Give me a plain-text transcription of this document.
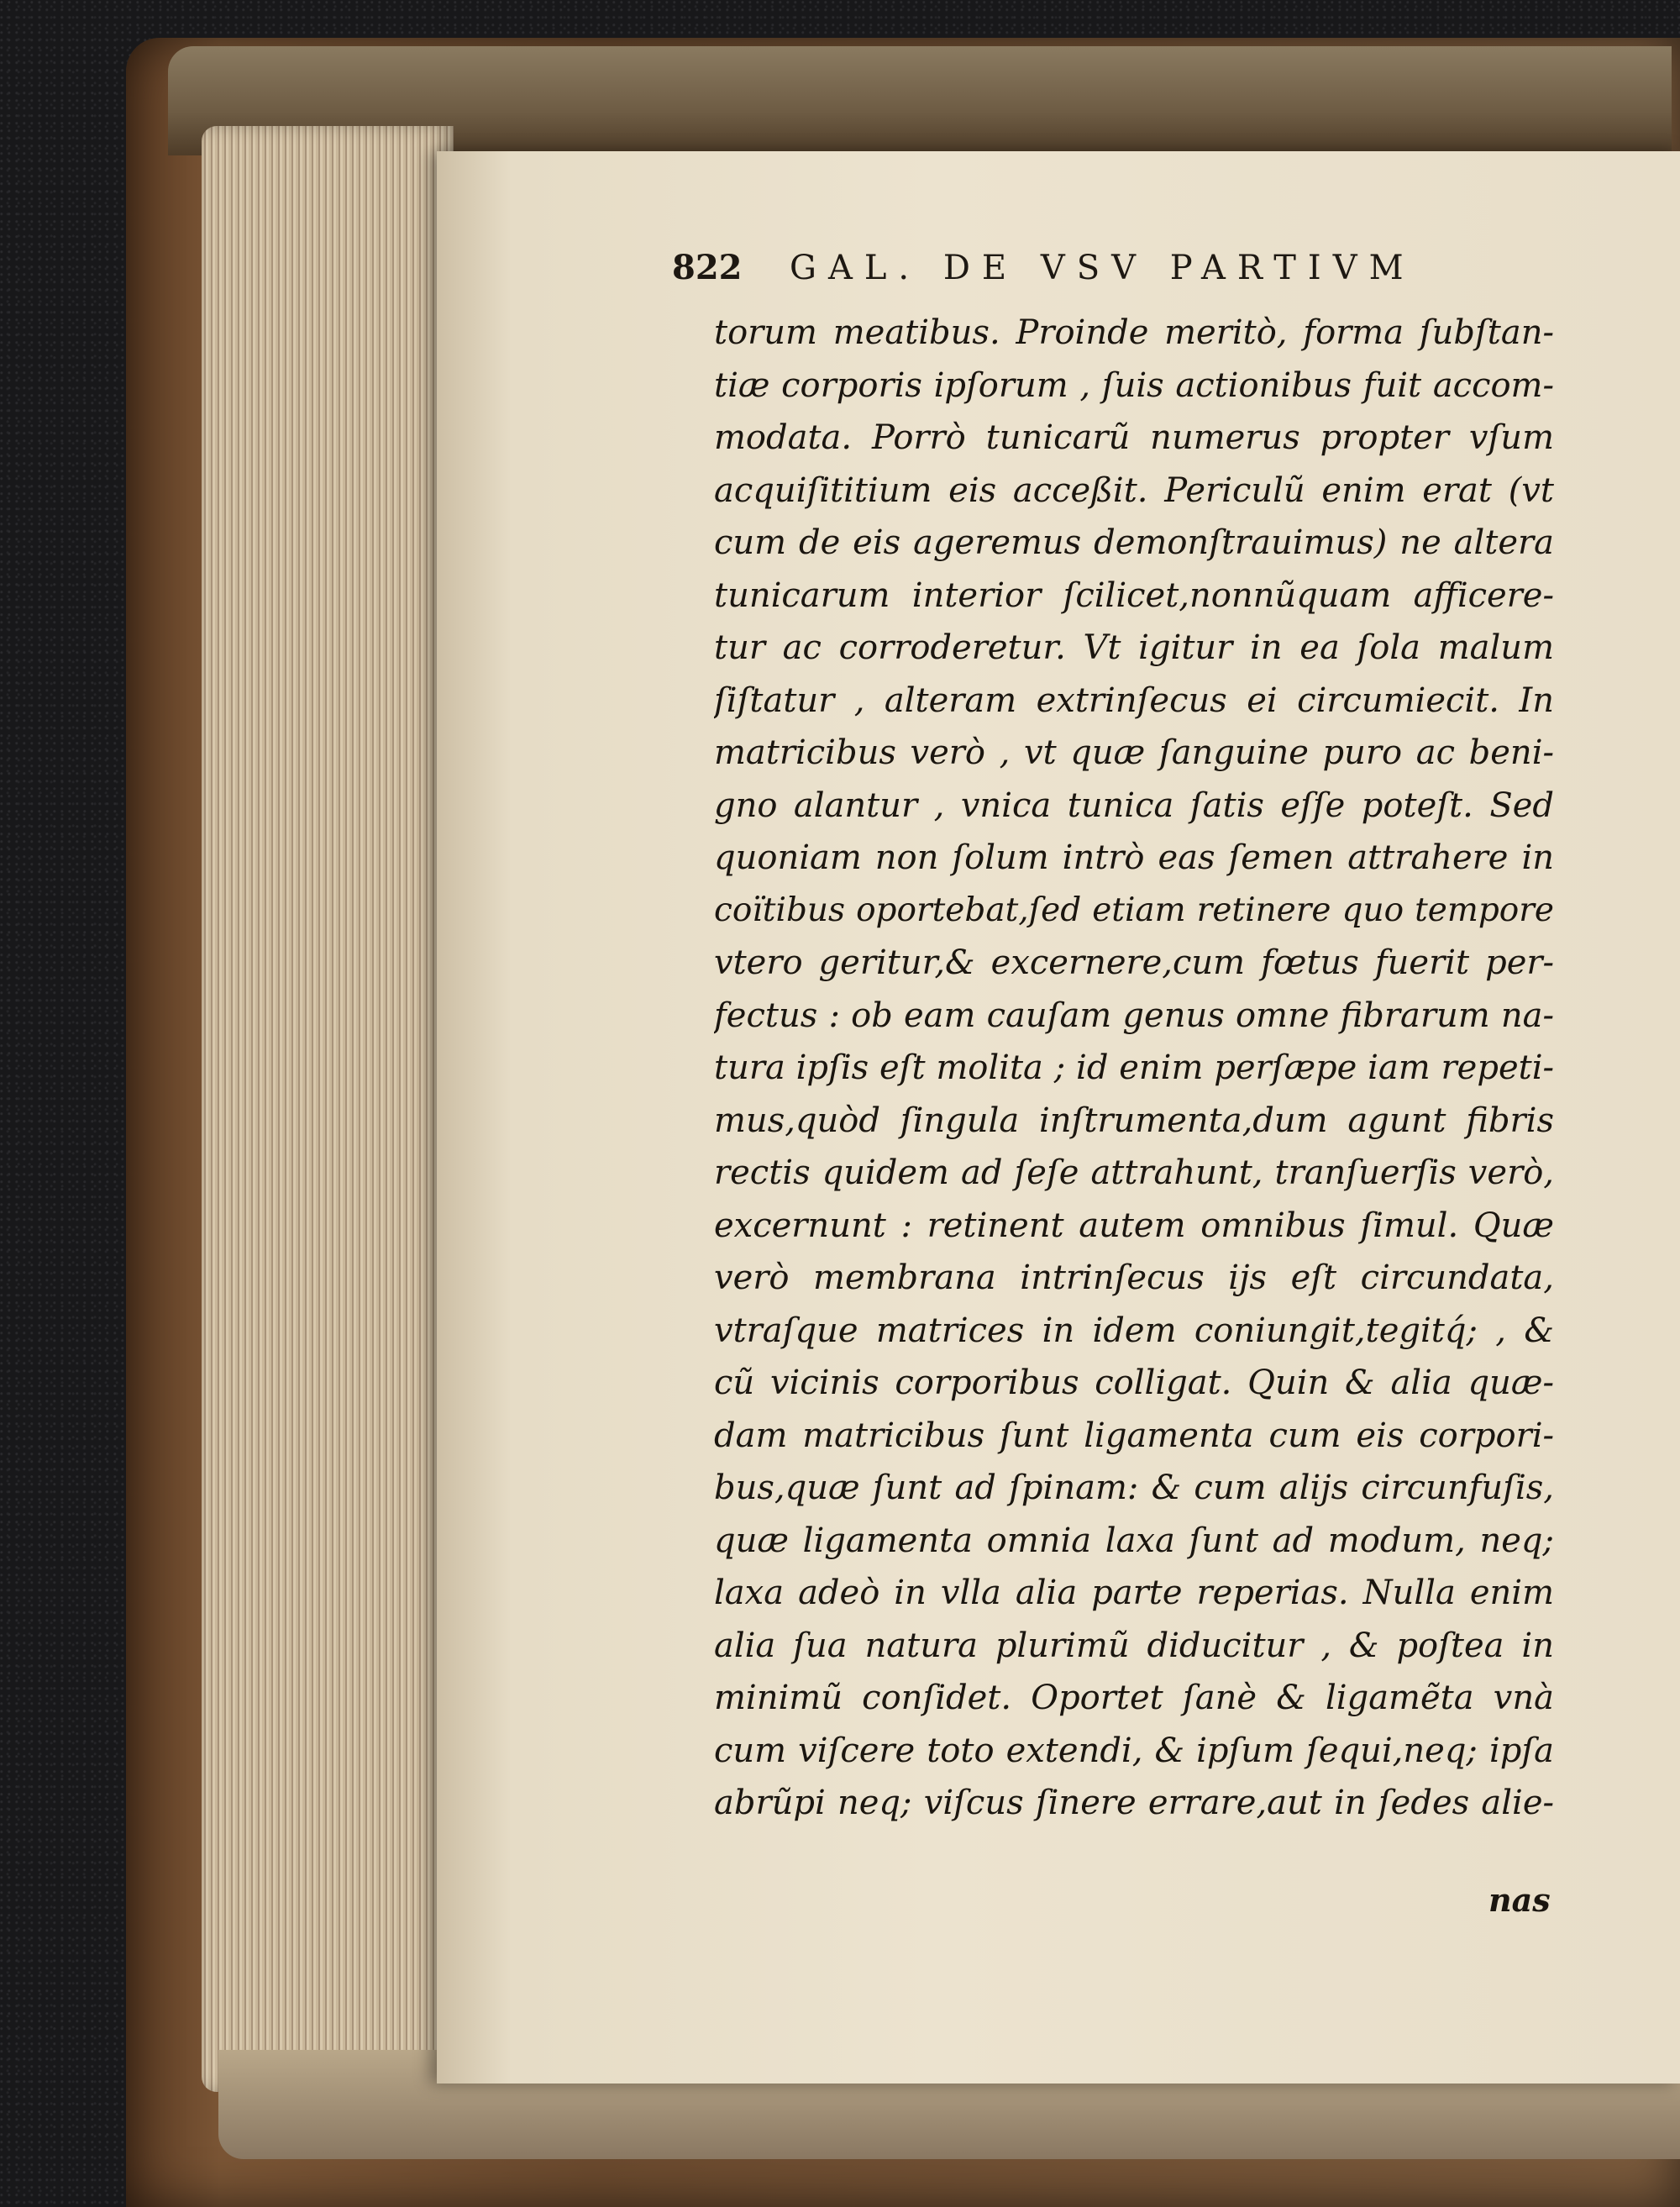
822	GAL. DE VSV PARTIVM
torum meatibus. Proinde meritò, forma ſubſtan-
tiæ corporis ipſorum , ſuis actionibus fuit accom-
modata. Porrò tunicarũ numerus propter vſum
acquiſititium eis acceßit. Periculũ enim erat (vt
cum de eis ageremus demonſtrauimus) ne altera
tunicarum interior ſcilicet,nonnũquam afficere-
tur ac corroderetur. Vt igitur in ea ſola malum
ſiſtatur , alteram extrinſecus ei circumiecit. In
matricibus verò , vt quæ ſanguine puro ac beni-
gno alantur , vnica tunica ſatis eſſe poteſt. Sed
quoniam non ſolum intrò eas ſemen attrahere in
coïtibus oportebat,ſed etiam retinere quo tempore
vtero geritur,& excernere,cum fœtus fuerit per-
fectus : ob eam cauſam genus omne fibrarum na-
tura ipſis eſt molita ; id enim perſæpe iam repeti-
mus,quòd ſingula inſtrumenta,dum agunt fibris
rectis quidem ad ſeſe attrahunt, tranſuerſis verò,
excernunt : retinent autem omnibus ſimul. Quæ
verò membrana intrinſecus ijs eſt circundata,
vtraſque matrices in idem coniungit,tegitq́; , &
cũ vicinis corporibus colligat. Quin & alia quæ-
dam matricibus ſunt ligamenta cum eis corpori-
bus,quæ ſunt ad ſpinam: & cum alijs circunfuſis,
quæ ligamenta omnia laxa ſunt ad modum, neq;
laxa adeò in vlla alia parte reperias. Nulla enim
alia ſua natura plurimũ diducitur , & poſtea in
minimũ conſidet. Oportet ſanè & ligamẽta vnà
cum viſcere toto extendi, & ipſum ſequi,neq; ipſa
abrũpi neq; viſcus ſinere errare,aut in ſedes alie-
nas
